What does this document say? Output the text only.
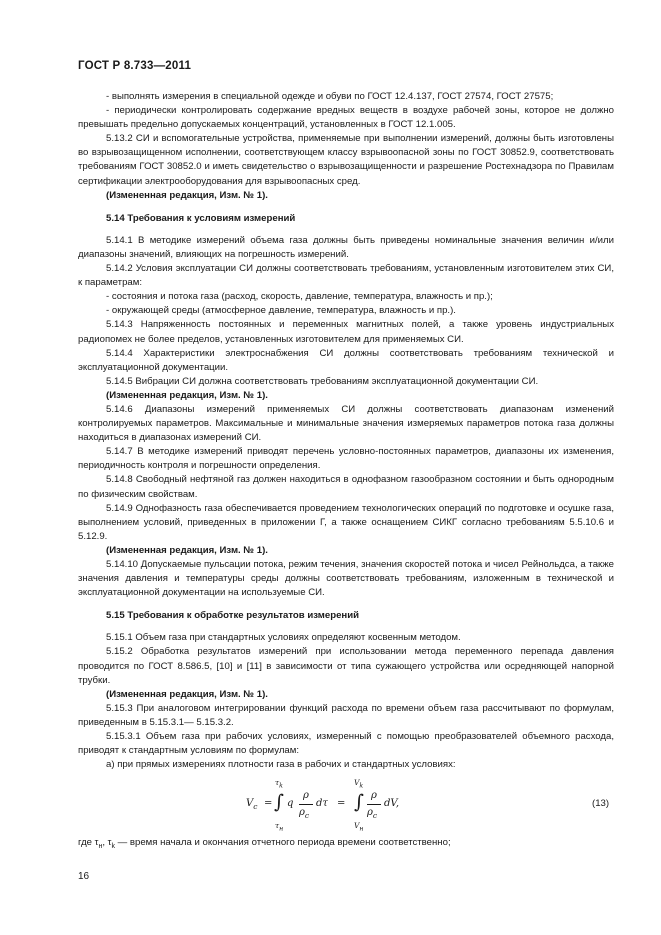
ГОСТ Р 8.733—2011

- выполнять измерения в специальной одежде и обуви по ГОСТ 12.4.137, ГОСТ 27574, ГОСТ 27575;

- периодически контролировать содержание вредных веществ в воздухе рабочей зоны, которое не должно превышать предельно допускаемых концентраций, установленных в ГОСТ 12.1.005.

5.13.2 СИ и вспомогательные устройства, применяемые при выполнении измерений, должны быть изготовлены во взрывозащищенном исполнении, соответствующем классу взрывоопасной зоны по ГОСТ 30852.9, соответствовать требованиям ГОСТ 30852.0 и иметь свидетельство о взрывозащищенности и разрешение Ростехнадзора по Правилам сертификации электрооборудования для взрывоопасных сред.

(Измененная редакция, Изм. № 1).

5.14 Требования к условиям измерений

5.14.1 В методике измерений объема газа должны быть приведены номинальные значения величин и/или диапазоны значений, влияющих на погрешность измерений.

5.14.2 Условия эксплуатации СИ должны соответствовать требованиям, установленным изготовителем этих СИ, к параметрам:

- состояния и потока газа (расход, скорость, давление, температура, влажность и пр.);

- окружающей среды (атмосферное давление, температура, влажность и пр.).

5.14.3 Напряженность постоянных и переменных магнитных полей, а также уровень индустриальных радиопомех не более пределов, установленных изготовителем для применяемых СИ.

5.14.4 Характеристики электроснабжения СИ должны соответствовать требованиям технической и эксплуатационной документации.

5.14.5 Вибрации СИ должна соответствовать требованиям эксплуатационной документации СИ.

(Измененная редакция, Изм. № 1).

5.14.6 Диапазоны измерений применяемых СИ должны соответствовать диапазонам изменений контролируемых параметров. Максимальные и минимальные значения измеряемых параметров потока газа должны находиться в диапазонах измерений СИ.

5.14.7 В методике измерений приводят перечень условно-постоянных параметров, диапазоны их изменения, периодичность контроля и погрешности определения.

5.14.8 Свободный нефтяной газ должен находиться в однофазном газообразном состоянии и быть однородным по физическим свойствам.

5.14.9 Однофазность газа обеспечивается проведением технологических операций по подготовке и осушке газа, выполнением условий, приведенных в приложении Г, а также оснащением СИКГ согласно требованиям 5.5.10.6 и 5.12.9.

(Измененная редакция, Изм. № 1).

5.14.10 Допускаемые пульсации потока, режим течения, значения скоростей потока и чисел Рейнольдса, а также значения давления и температуры среды должны соответствовать требованиям, изложенным в технической и эксплуатационной документации на используемые СИ.

5.15 Требования к обработке результатов измерений

5.15.1 Объем газа при стандартных условиях определяют косвенным методом.

5.15.2 Обработка результатов измерений при использовании метода переменного перепада давления проводится по ГОСТ 8.586.5, [10] и [11] в зависимости от типа сужающего устройства или осредняющей напорной трубки.

(Измененная редакция, Изм. № 1).

5.15.3 При аналоговом интегрировании функций расхода по времени объем газа рассчитывают по формулам, приведенным в 5.15.3.1— 5.15.3.2.

5.15.3.1 Объем газа при рабочих условиях, измеренный с помощью преобразователей объемного расхода, приводят к стандартным условиям по формулам:

а) при прямых измерениях плотности газа в рабочих и стандартных условиях:

$V_c$ =
$\tau_k$
∫
$\tau_н$
q
ρ
$\rho_c$
dτ =
$V_k$
∫
$V_н$
ρ
$\rho_c$
dV,	(13)

где $\tau_н$, $\tau_k$ — время начала и окончания отчетного периода времени соответственно;

16
